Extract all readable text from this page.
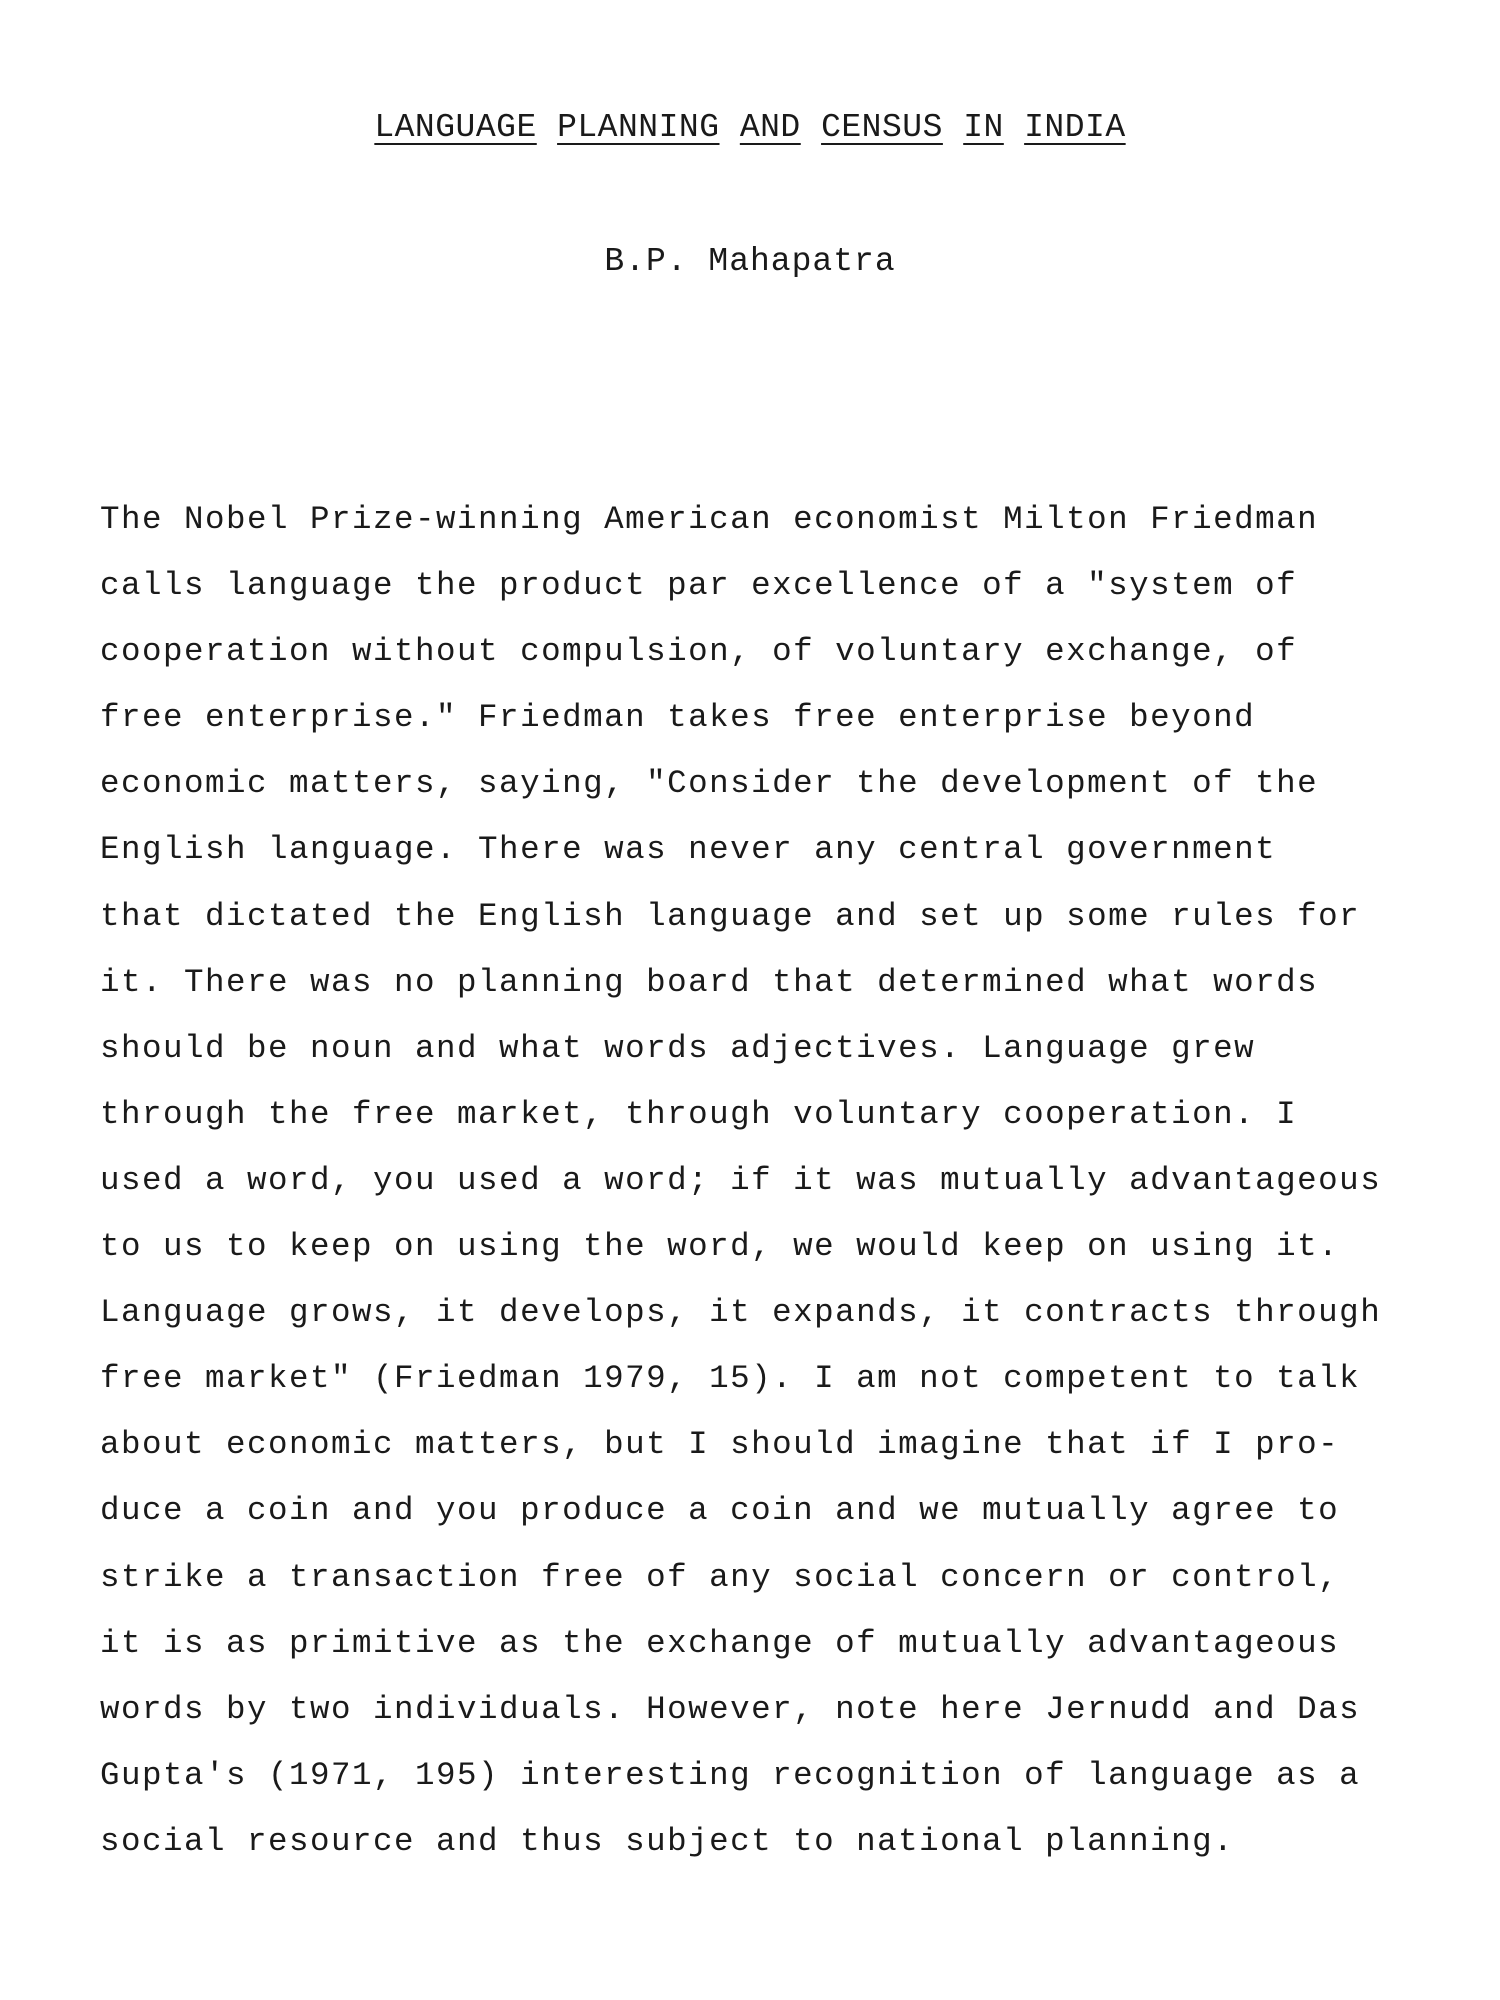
LANGUAGE PLANNING AND CENSUS IN INDIA
B.P. Mahapatra
The Nobel Prize-winning American economist Milton Friedman
calls language the product par excellence of a "system of
cooperation without compulsion, of voluntary exchange, of
free enterprise." Friedman takes free enterprise beyond
economic matters, saying, "Consider the development of the
English language. There was never any central government
that dictated the English language and set up some rules for
it. There was no planning board that determined what words
should be noun and what words adjectives. Language grew
through the free market, through voluntary cooperation. I
used a word, you used a word; if it was mutually advantageous
to us to keep on using the word, we would keep on using it.
Language grows, it develops, it expands, it contracts through
free market" (Friedman 1979, 15). I am not competent to talk
about economic matters, but I should imagine that if I pro-
duce a coin and you produce a coin and we mutually agree to
strike a transaction free of any social concern or control,
it is as primitive as the exchange of mutually advantageous
words by two individuals. However, note here Jernudd and Das
Gupta's (1971, 195) interesting recognition of language as a
social resource and thus subject to national planning.
